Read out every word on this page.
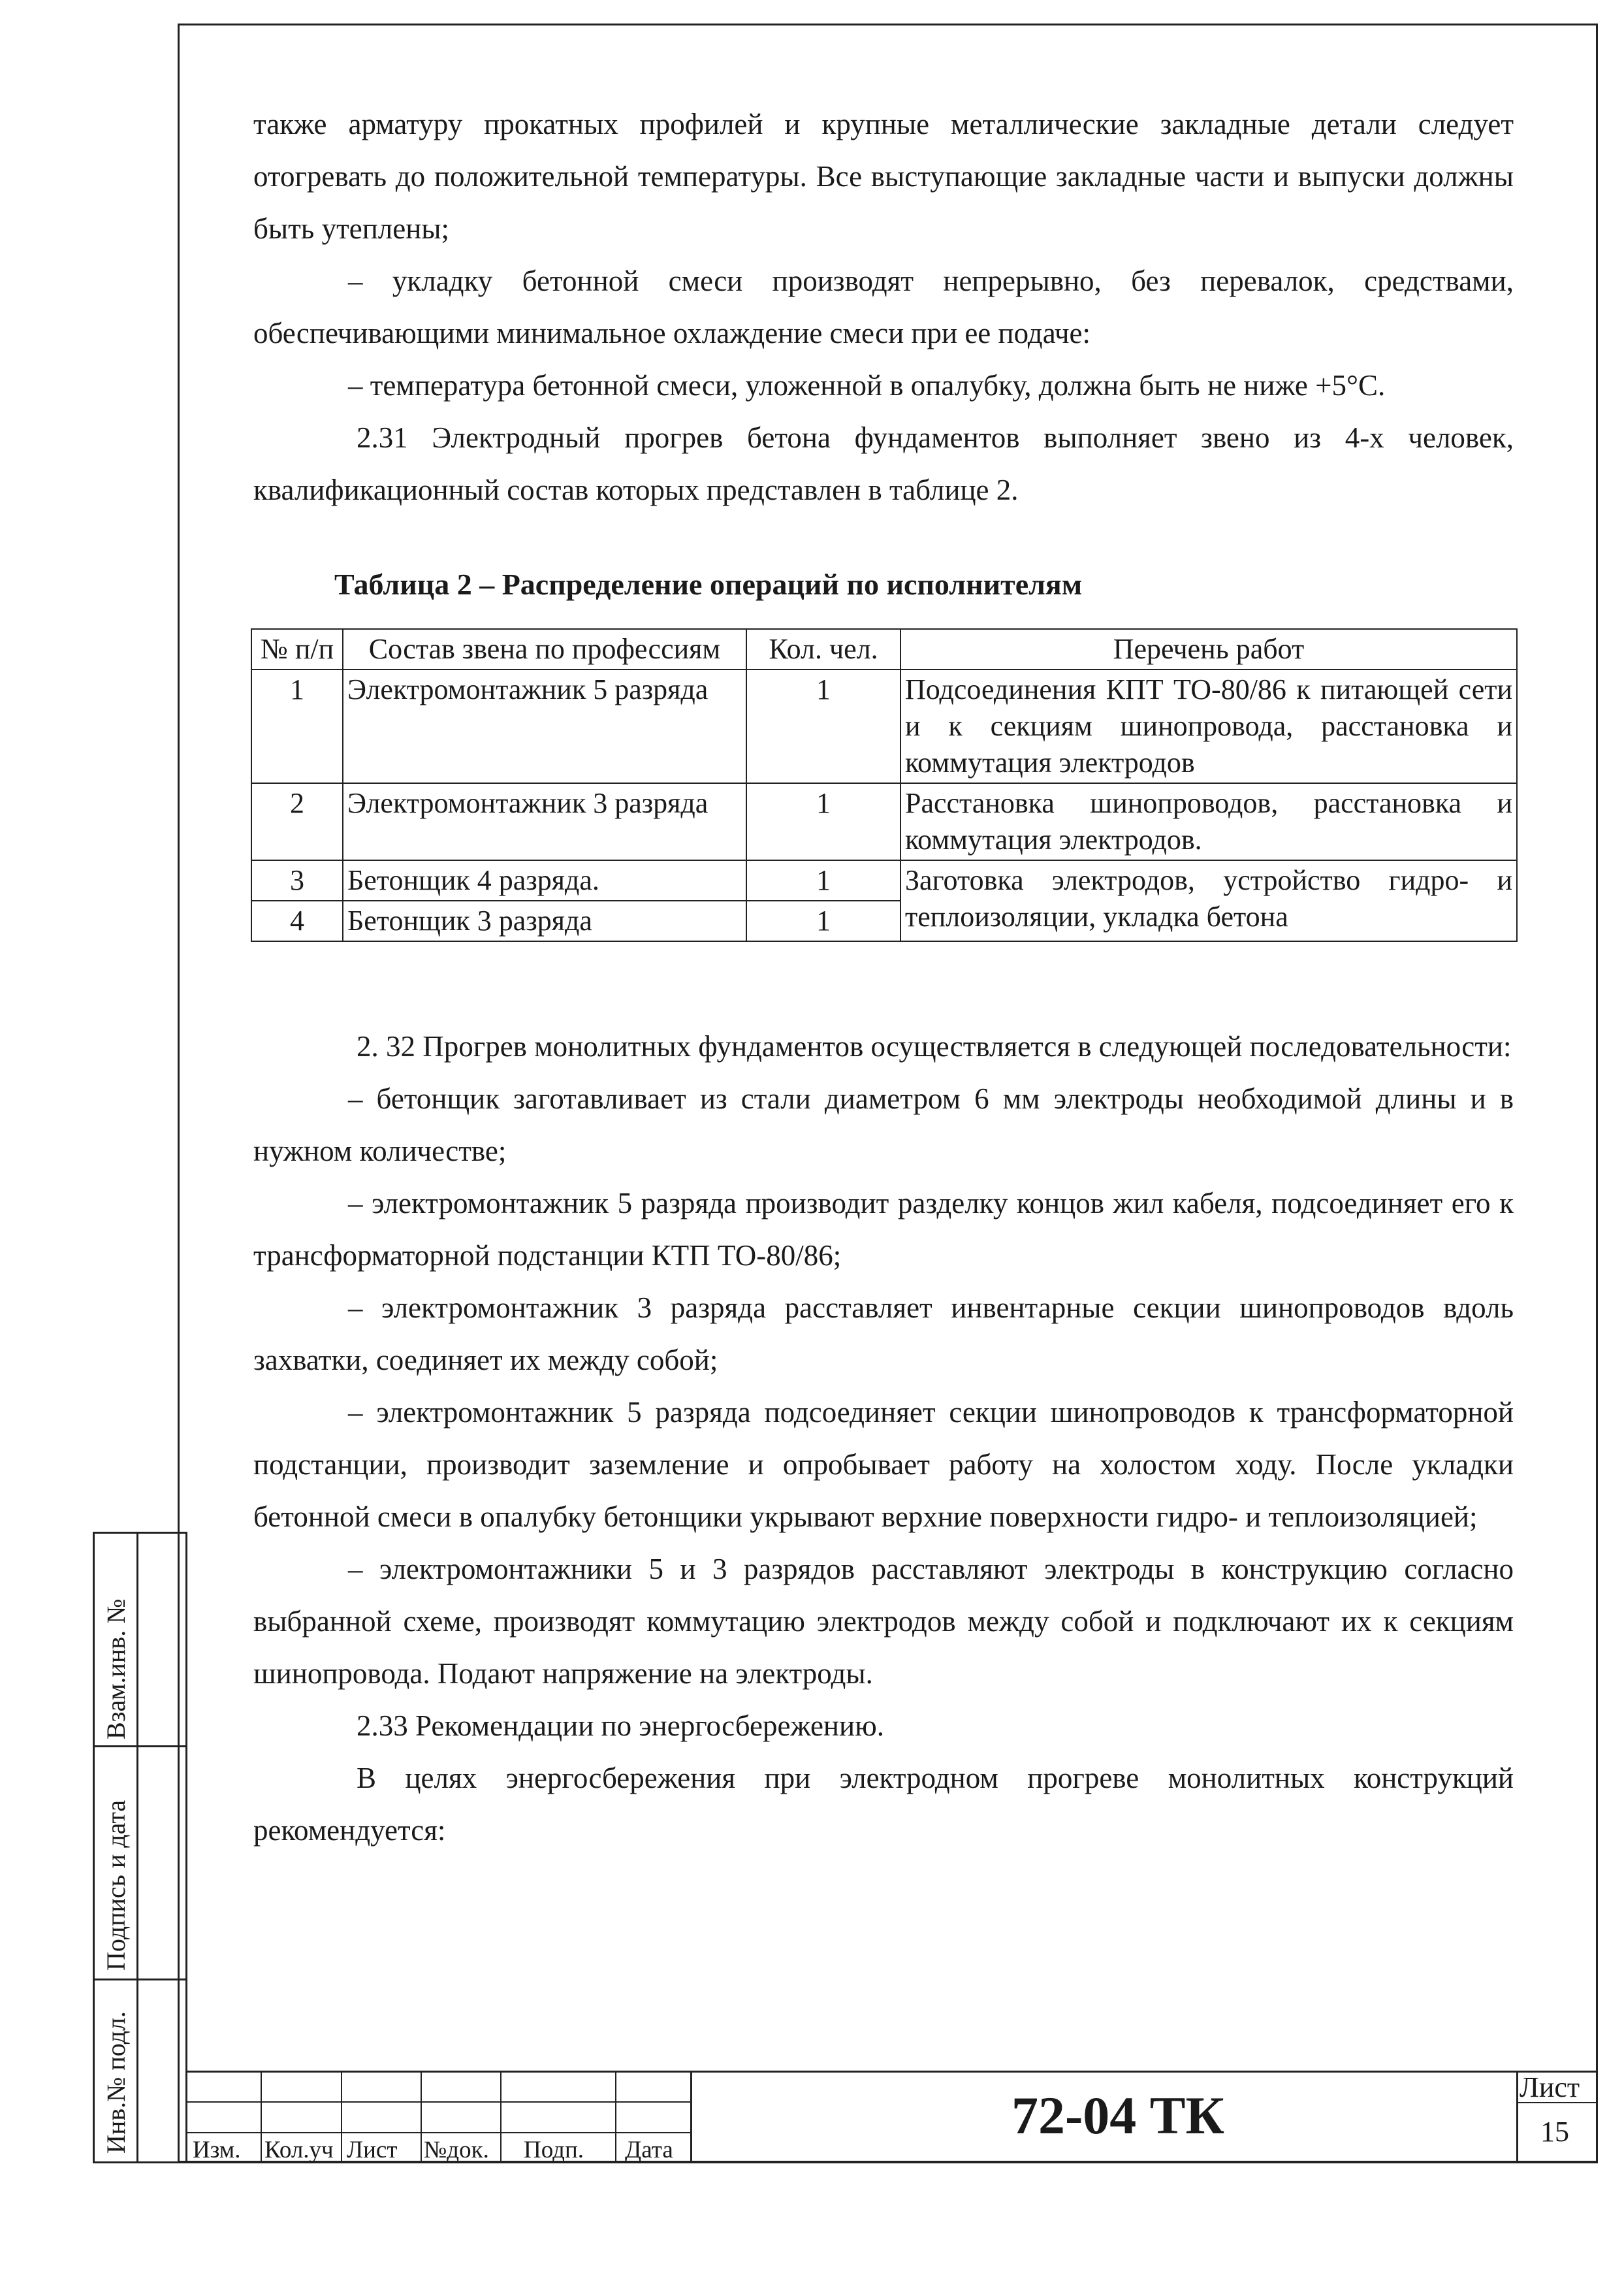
также арматуру прокатных профилей и крупные металлические закладные детали следует отогревать до положительной температуры. Все выступающие закладные части и выпуски должны быть утеплены;

– укладку бетонной смеси производят непрерывно, без перевалок, средствами, обеспечивающими минимальное охлаждение смеси при ее подаче:

– температура бетонной смеси, уложенной в опалубку, должна быть не ниже +5°С.

2.31 Электродный прогрев бетона фундаментов выполняет звено из 4-х человек, квалификационный состав которых представлен в таблице 2.

Таблица 2 – Распределение операций по исполнителям
№ п/п	Состав звена по профессиям	Кол. чел.	Перечень работ
1	Электромонтажник 5 разряда	1	Подсоединения КПТ ТО-80/86 к питающей сети и к секциям шинопровода, расстановка и коммутация электродов
2	Электромонтажник 3 разряда	1	Расстановка шинопроводов, расстановка и коммутация электродов.
3	Бетонщик 4 разряда.	1	Заготовка электродов, устройство гидро- и теплоизоляции, укладка бетона
4	Бетонщик 3 разряда	1	

2. 32 Прогрев монолитных фундаментов осуществляется в следующей последовательности:

– бетонщик заготавливает из стали диаметром 6 мм электроды необходимой длины и в нужном количестве;

– электромонтажник 5 разряда производит разделку концов жил кабеля, подсоединяет его к трансформаторной подстанции КТП ТО-80/86;

– электромонтажник 3 разряда расставляет инвентарные секции шинопроводов вдоль захватки, соединяет их между собой;

– электромонтажник 5 разряда подсоединяет секции шинопроводов к трансформаторной подстанции, производит заземление и опробывает работу на холостом ходу. После укладки бетонной смеси в опалубку бетонщики укрывают верхние поверхности гидро- и теплоизоляцией;

– электромонтажники 5 и 3 разрядов расставляют электроды в конструкцию согласно выбранной схеме, производят коммутацию электродов между собой и подключают их к секциям шинопровода. Подают напряжение на электроды.

2.33 Рекомендации по энергосбережению.

В целях энергосбережения при электродном прогреве монолитных конструкций рекомендуется:

Взам.инв. №
Подпись и дата
Инв.№ подл.	Изм. Кол.уч Лист №док. Подп. Дата
72-04 ТК	Лист
15
